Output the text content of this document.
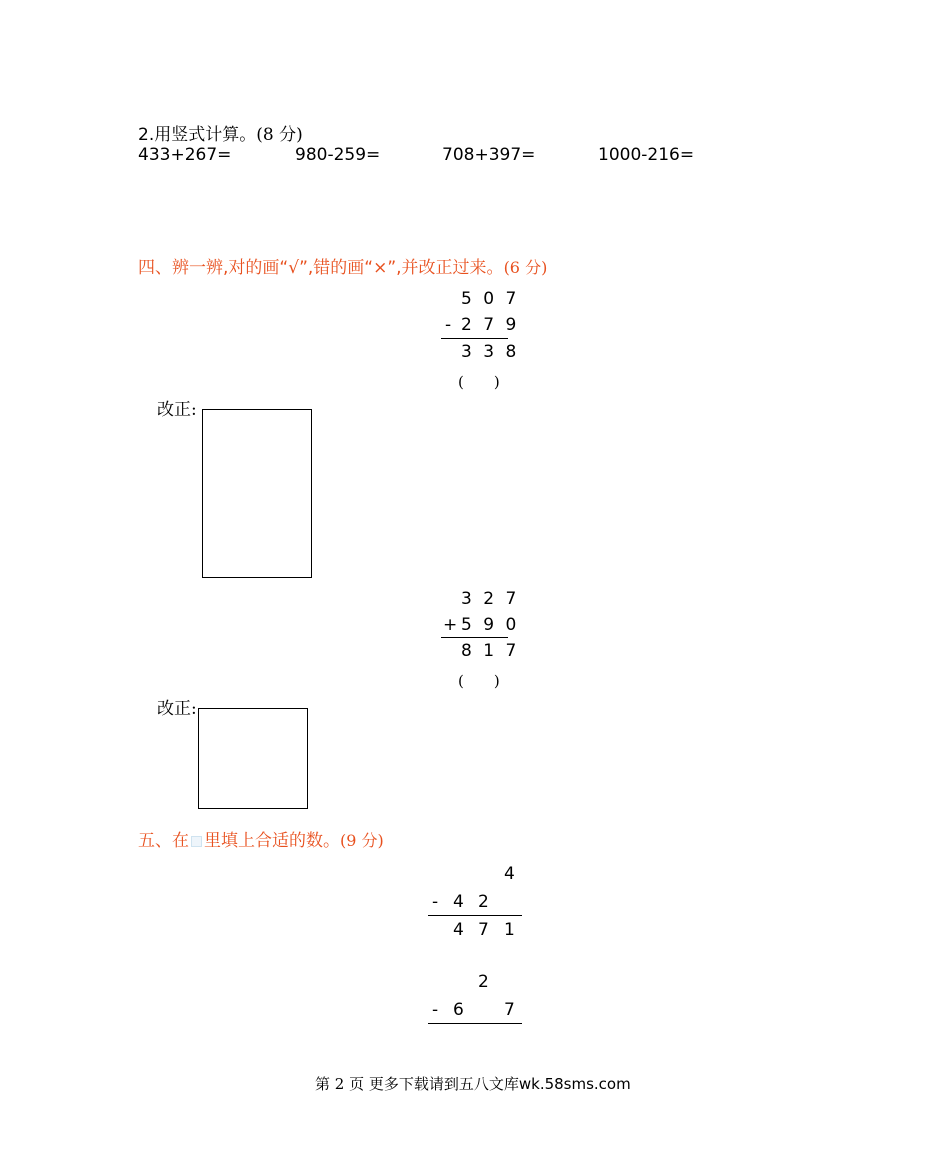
2.用竖式计算。(8 分)
433+267=	980-259=	708+397=	1000-216=
四、辨一辨,对的画“√”,错的画“×”,并改正过来。(6 分)
5 0 7
- 2 7 9
3 3 8
(　　)
改正:
3 2 7
+ 5 9 0
8 1 7
(　　)
改正:
五、在 里填上合适的数。(9 分)
4
- 4 2
4 7 1
2
- 6 7
第 2 页 更多下载请到五八文库wk.58sms.com
